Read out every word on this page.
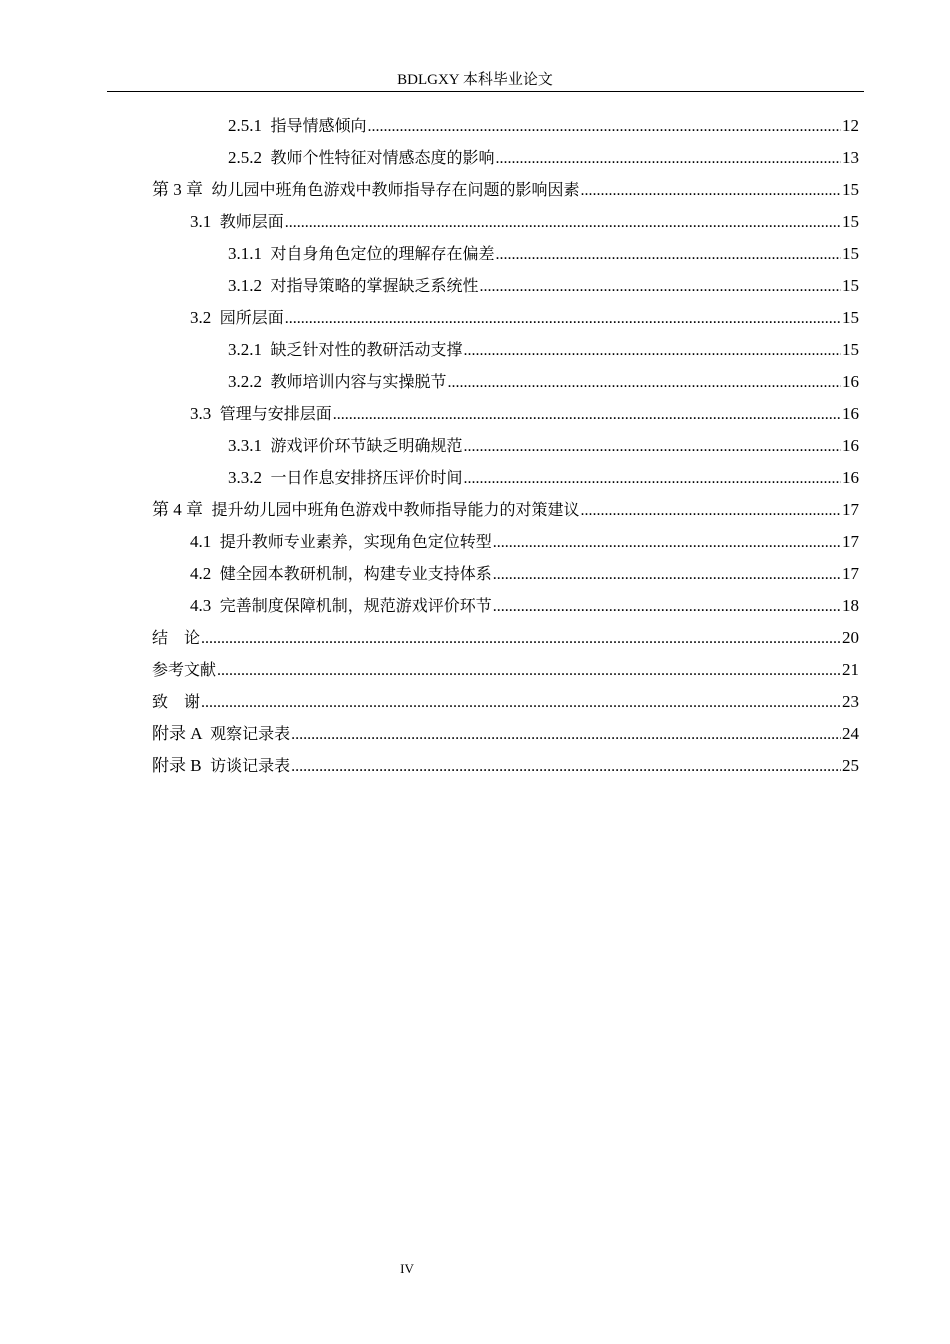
BDLGXY 本科毕业论文
2.5.1 指导情感倾向 .....	12
2.5.2 教师个性特征对情感态度的影响 .....	13
第 3 章 幼儿园中班角色游戏中教师指导存在问题的影响因素 .....	15
3.1 教师层面 .....	15
3.1.1 对自身角色定位的理解存在偏差 .....	15
3.1.2 对指导策略的掌握缺乏系统性 .....	15
3.2 园所层面 .....	15
3.2.1 缺乏针对性的教研活动支撑 .....	15
3.2.2 教师培训内容与实操脱节 .....	16
3.3 管理与安排层面 .....	16
3.3.1 游戏评价环节缺乏明确规范 .....	16
3.3.2 一日作息安排挤压评价时间 .....	16
第 4 章 提升幼儿园中班角色游戏中教师指导能力的对策建议 .....	17
4.1 提升教师专业素养，实现角色定位转型 .....	17
4.2 健全园本教研机制，构建专业支持体系 .....	17
4.3 完善制度保障机制，规范游戏评价环节 .....	18
结　论 .....	20
参考文献 .....	21
致　谢 .....	23
附录 A 观察记录表 .....	24
附录 B 访谈记录表 .....	25
IV
